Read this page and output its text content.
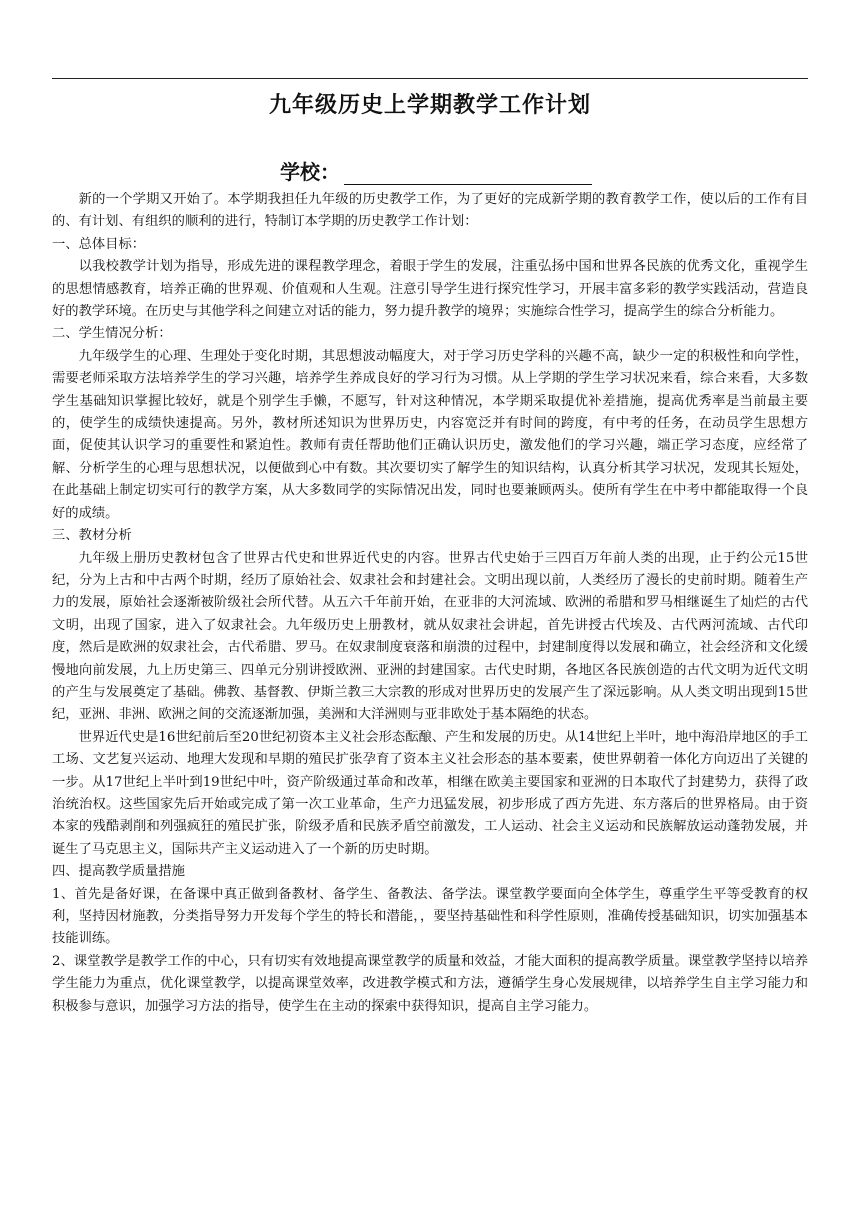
九年级历史上学期教学工作计划
学校：

新的一个学期又开始了。本学期我担任九年级的历史教学工作，为了更好的完成新学期的教育教学工作，使以后的工作有目的、有计划、有组织的顺利的进行，特制订本学期的历史教学工作计划：

一、总体目标：

以我校教学计划为指导，形成先进的课程教学理念，着眼于学生的发展，注重弘扬中国和世界各民族的优秀文化，重视学生的思想情感教育，培养正确的世界观、价值观和人生观。注意引导学生进行探究性学习，开展丰富多彩的教学实践活动，营造良好的教学环境。在历史与其他学科之间建立对话的能力，努力提升教学的境界；实施综合性学习，提高学生的综合分析能力。

二、学生情况分析：

九年级学生的心理、生理处于变化时期，其思想波动幅度大，对于学习历史学科的兴趣不高，缺少一定的积极性和向学性，需要老师采取方法培养学生的学习兴趣，培养学生养成良好的学习行为习惯。从上学期的学生学习状况来看，综合来看，大多数学生基础知识掌握比较好，就是个别学生手懒，不愿写，针对这种情况，本学期采取提优补差措施，提高优秀率是当前最主要的，使学生的成绩快速提高。另外，教材所述知识为世界历史，内容宽泛并有时间的跨度，有中考的任务，在动员学生思想方面，促使其认识学习的重要性和紧迫性。教师有责任帮助他们正确认识历史，激发他们的学习兴趣，端正学习态度，应经常了解、分析学生的心理与思想状况，以便做到心中有数。其次要切实了解学生的知识结构，认真分析其学习状况，发现其长短处，在此基础上制定切实可行的教学方案，从大多数同学的实际情况出发，同时也要兼顾两头。使所有学生在中考中都能取得一个良好的成绩。

三、教材分析

九年级上册历史教材包含了世界古代史和世界近代史的内容。世界古代史始于三四百万年前人类的出现，止于约公元15世纪，分为上古和中古两个时期，经历了原始社会、奴隶社会和封建社会。文明出现以前，人类经历了漫长的史前时期。随着生产力的发展，原始社会逐渐被阶级社会所代替。从五六千年前开始，在亚非的大河流域、欧洲的希腊和罗马相继诞生了灿烂的古代文明，出现了国家，进入了奴隶社会。九年级历史上册教材，就从奴隶社会讲起，首先讲授古代埃及、古代两河流域、古代印度，然后是欧洲的奴隶社会，古代希腊、罗马。在奴隶制度衰落和崩溃的过程中，封建制度得以发展和确立，社会经济和文化缓慢地向前发展，九上历史第三、四单元分别讲授欧洲、亚洲的封建国家。古代史时期，各地区各民族创造的古代文明为近代文明的产生与发展奠定了基础。佛教、基督教、伊斯兰教三大宗教的形成对世界历史的发展产生了深远影响。从人类文明出现到15世纪，亚洲、非洲、欧洲之间的交流逐渐加强，美洲和大洋洲则与亚非欧处于基本隔绝的状态。

世界近代史是16世纪前后至20世纪初资本主义社会形态酝酿、产生和发展的历史。从14世纪上半叶，地中海沿岸地区的手工工场、文艺复兴运动、地理大发现和早期的殖民扩张孕育了资本主义社会形态的基本要素，使世界朝着一体化方向迈出了关键的一步。从17世纪上半叶到19世纪中叶，资产阶级通过革命和改革，相继在欧美主要国家和亚洲的日本取代了封建势力，获得了政治统治权。这些国家先后开始或完成了第一次工业革命，生产力迅猛发展，初步形成了西方先进、东方落后的世界格局。由于资本家的残酷剥削和列强疯狂的殖民扩张，阶级矛盾和民族矛盾空前激发，工人运动、社会主义运动和民族解放运动蓬勃发展，并诞生了马克思主义，国际共产主义运动进入了一个新的历史时期。

四、提高教学质量措施

1、首先是备好课，在备课中真正做到备教材、备学生、备教法、备学法。课堂教学要面向全体学生，尊重学生平等受教育的权利，坚持因材施教，分类指导努力开发每个学生的特长和潜能，，要坚持基础性和科学性原则，准确传授基础知识，切实加强基本技能训练。

2、课堂教学是教学工作的中心，只有切实有效地提高课堂教学的质量和效益，才能大面积的提高教学质量。课堂教学坚持以培养学生能力为重点，优化课堂教学，以提高课堂效率，改进教学模式和方法，遵循学生身心发展规律，以培养学生自主学习能力和积极参与意识，加强学习方法的指导，使学生在主动的探索中获得知识，提高自主学习能力。
